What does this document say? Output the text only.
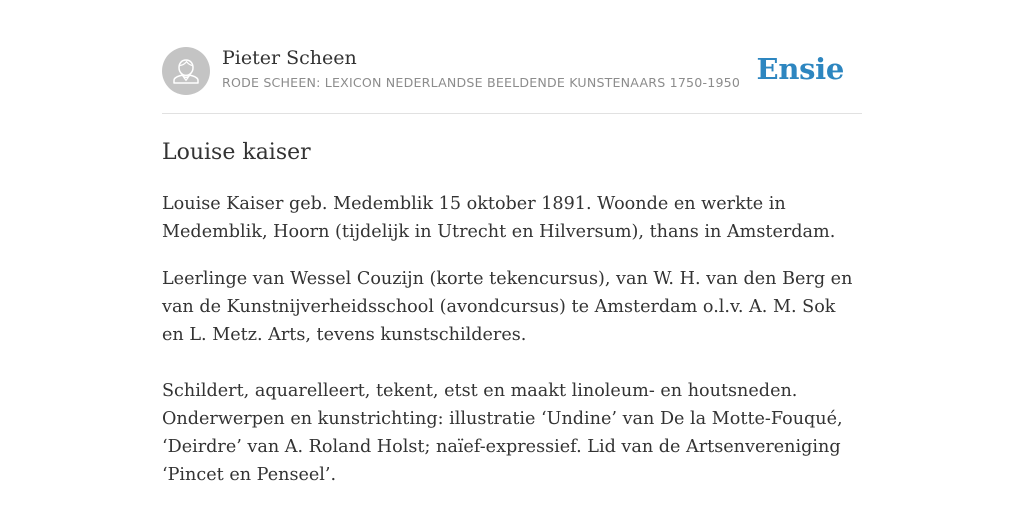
Pieter Scheen
RODE SCHEEN: LEXICON NEDERLANDSE BEELDENDE KUNSTENAARS 1750-1950 Ensie
Louise kaiser

Louise Kaiser geb. Medemblik 15 oktober 1891. Woonde en werkte in Medemblik, Hoorn (tijdelijk in Utrecht en Hilversum), thans in Amsterdam.

Leerlinge van Wessel Couzijn (korte tekencursus), van W. H. van den Berg en van de Kunstnijverheidsschool (avondcursus) te Amsterdam o.l.v. A. M. Sok en L. Metz. Arts, tevens kunstschilderes.

Schildert, aquarelleert, tekent, etst en maakt linoleum- en houtsneden. Onderwerpen en kunstrichting: illustratie ‘Undine’ van De la Motte-Fouqué, ‘Deirdre’ van A. Roland Holst; naïef-expressief. Lid van de Artsenvereniging ‘Pincet en Penseel’.
